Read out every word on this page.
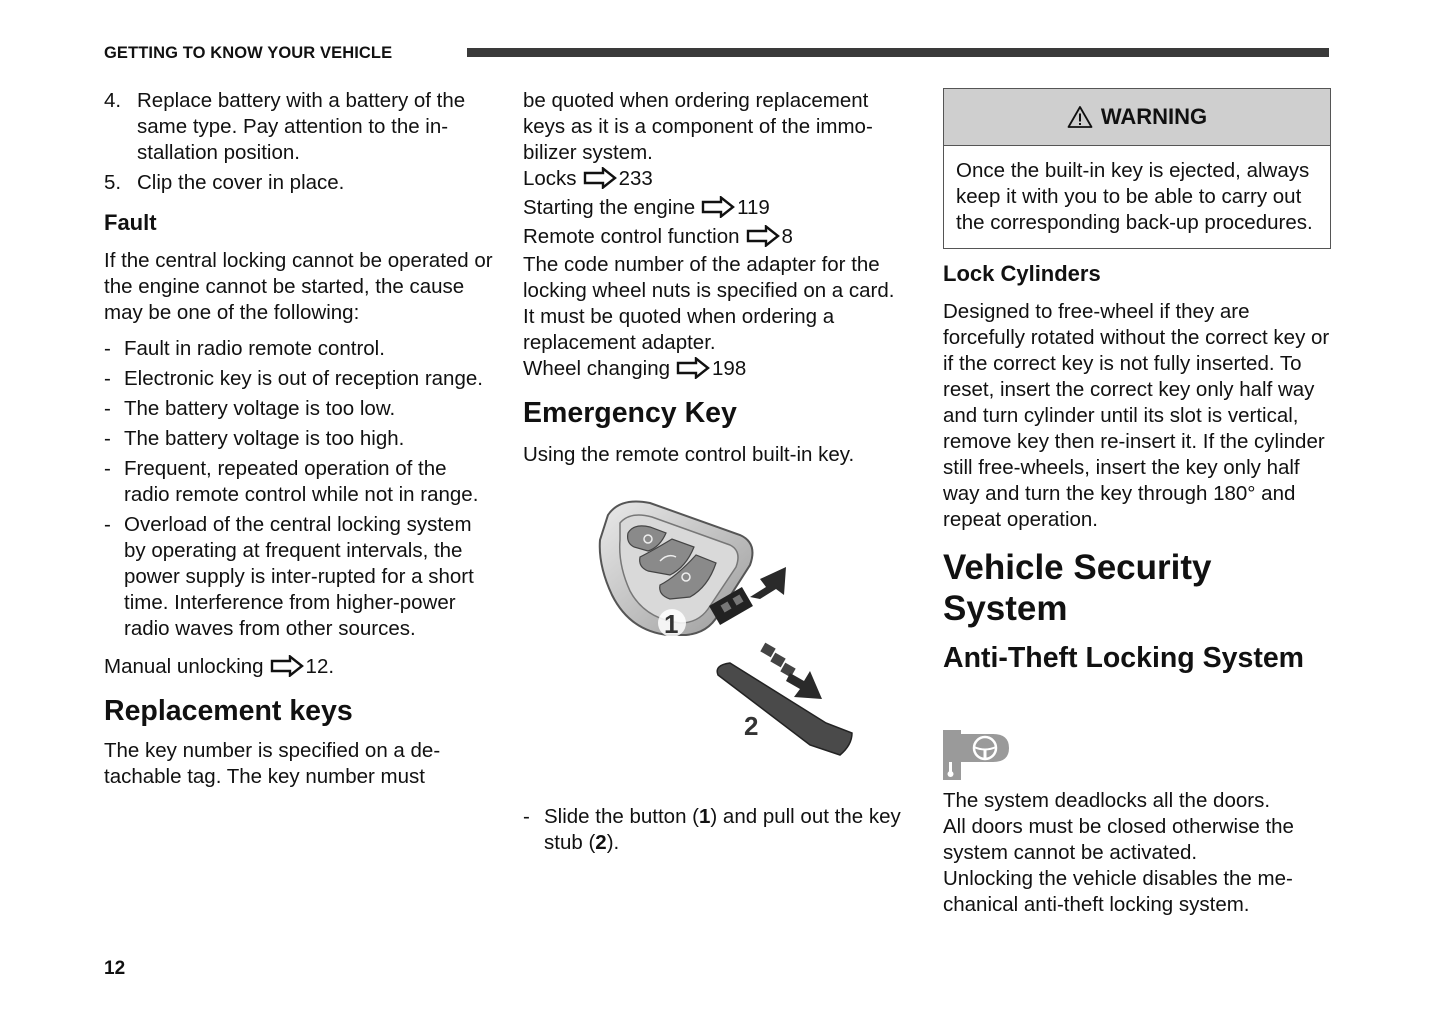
GETTING TO KNOW YOUR VEHICLE
4. Replace battery with a battery of the same type. Pay attention to the in-stallation position.

5. Clip the cover in place.

Fault

If the central locking cannot be operated or the engine cannot be started, the cause may be one of the following:

- Fault in radio remote control.

- Electronic key is out of reception range.

- The battery voltage is too low.

- The battery voltage is too high.

- Frequent, repeated operation of the radio remote control while not in range.

- Overload of the central locking system by operating at frequent intervals, the power supply is inter-rupted for a short time. Interference from higher-power radio waves from other sources.

Manual unlocking 12.

Replacement keys

The key number is specified on a de-tachable tag. The key number must

be quoted when ordering replacement keys as it is a component of the immo-bilizer system.

Locks 233

Starting the engine 119

Remote control function 8

The code number of the adapter for the locking wheel nuts is specified on a card. It must be quoted when ordering a replacement adapter.

Wheel changing 198

Emergency Key

Using the remote control built-in key.

- Slide the button (1) and pull out the key stub (2).

1
2
WARNING
Once the built-in key is ejected, always keep it with you to be able to carry out the corresponding back-up procedures.

Lock Cylinders

Designed to free-wheel if they are forcefully rotated without the correct key or if the correct key is not fully inserted. To reset, insert the correct key only half way and turn cylinder until its slot is vertical, remove key then re-insert it. If the cylinder still free-wheels, insert the key only half way and turn the key through 180° and repeat operation.

Vehicle Security System

Anti-Theft Locking System

The system deadlocks all the doors.

All doors must be closed otherwise the system cannot be activated.

Unlocking the vehicle disables the me-chanical anti-theft locking system.

12
